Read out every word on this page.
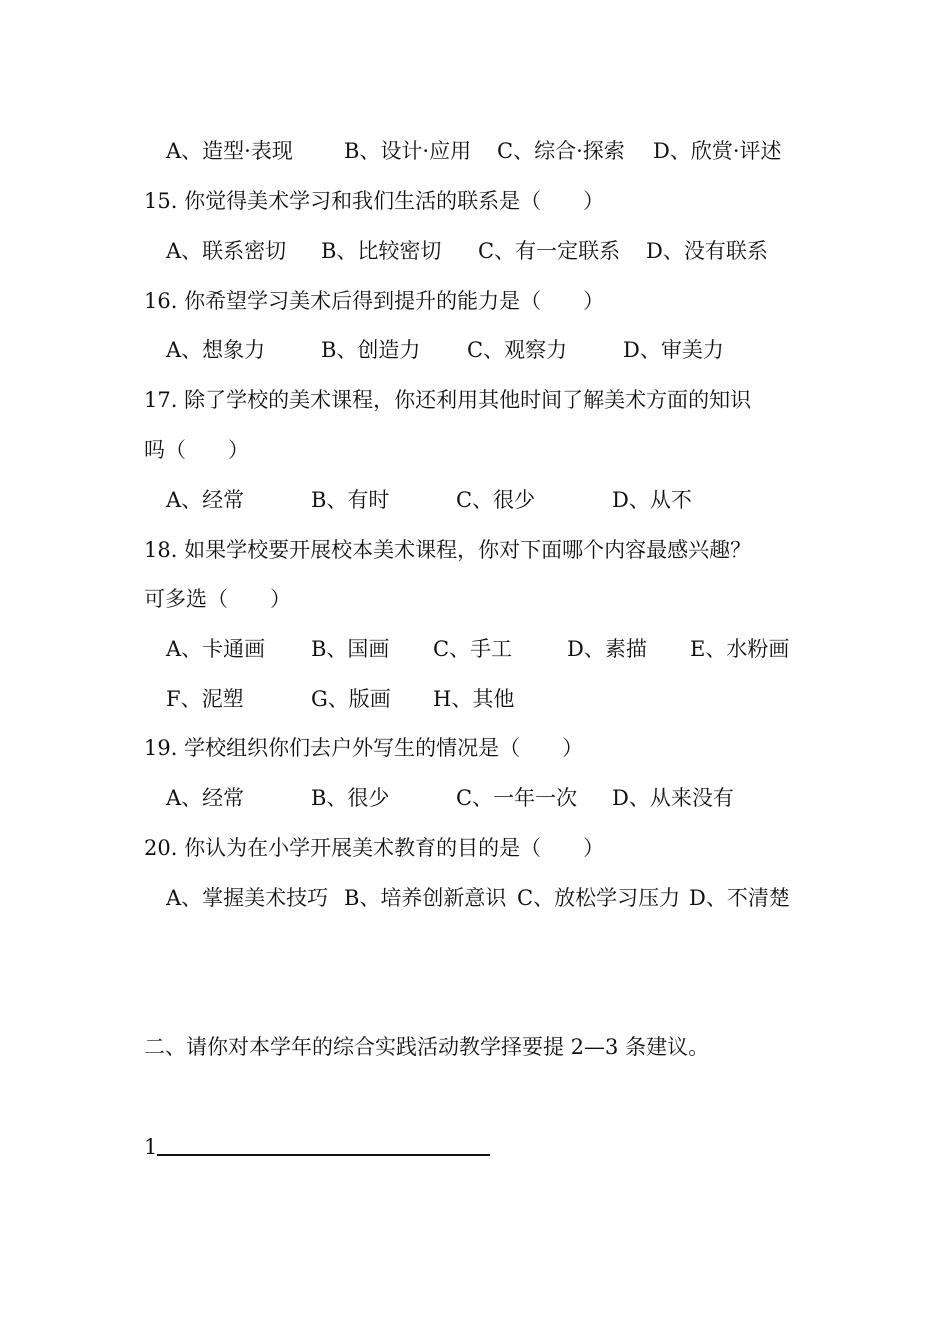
A、造型·表现

B、设计·应用

C、综合·探索

D、欣赏·评述

15. 你觉得美术学习和我们生活的联系是（　　）

A、联系密切

B、比较密切

C、有一定联系

D、没有联系

16. 你希望学习美术后得到提升的能力是（　　）

A、想象力

	B、创造力

C、观察力

	D、审美力

17. 除了学校的美术课程，你还利用其他时间了解美术方面的知识
吗（　　）

A、经常

	B、有时

	C、很少

	D、从不

18. 如果学校要开展校本美术课程，你对下面哪个内容最感兴趣？
可多选（　　）

A、卡通画

B、国画

C、手工

	D、素描

E、水粉画

F、泥塑

	G、版画

H、其他

19. 学校组织你们去户外写生的情况是（　　）

A、经常

	B、很少

	C、一年一次

D、从来没有

20. 你认为在小学开展美术教育的目的是（　　）

A、掌握美术技巧

B、培养创新意识

C、放松学习压力

D、不清楚

二、请你对本学年的综合实践活动教学择要提 2—3 条建议。
1
